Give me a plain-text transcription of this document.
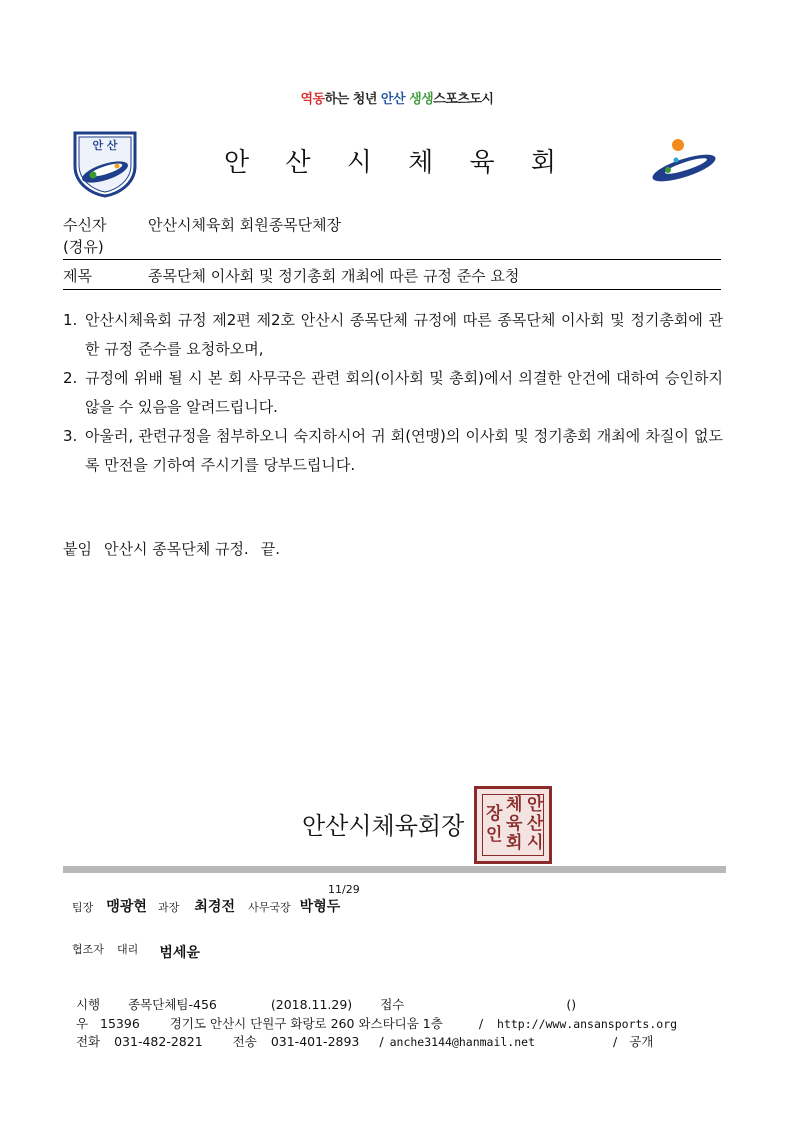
역동하는 청년 안산 생생스포츠도시
안 산
안 산 시 체 육 회
수신자	안산시체육회 회원종목단체장
(경유)
제목	종목단체 이사회 및 정기총회 개최에 따른 규정 준수 요청
1. 안산시체육회 규정 제2편 제2호 안산시 종목단체 규정에 따른 종목단체 이사회 및 정기총회에 관한 규정 준수를 요청하오며,
2. 규정에 위배 될 시 본 회 사무국은 관련 회의(이사회 및 총회)에서 의결한 안건에 대하여 승인하지 않을 수 있음을 알려드립니다.
3. 아울러, 관련규정을 첨부하오니 숙지하시어 귀 회(연맹)의 이사회 및 정기총회 개최에 차질이 없도록 만전을 기하여 주시기를 당부드립니다.
붙임 안산시 종목단체 규정. 끝.
안산시체육회장
안
산
시
체
육
회
장
인
11/29
팀장 맹광현 과장 최경전 사무국장 박형두
협조자 대리 범세윤

시행 종목단체팀-456	(2018.11.29) 접수	()

우 15396 경기도 안산시 단원구 화랑로 260 와스타디움 1층	/ http://www.ansansports.org

전화 031-482-2821 전송 031-401-2893 / anche3144@hanmail.net	/ 공개
